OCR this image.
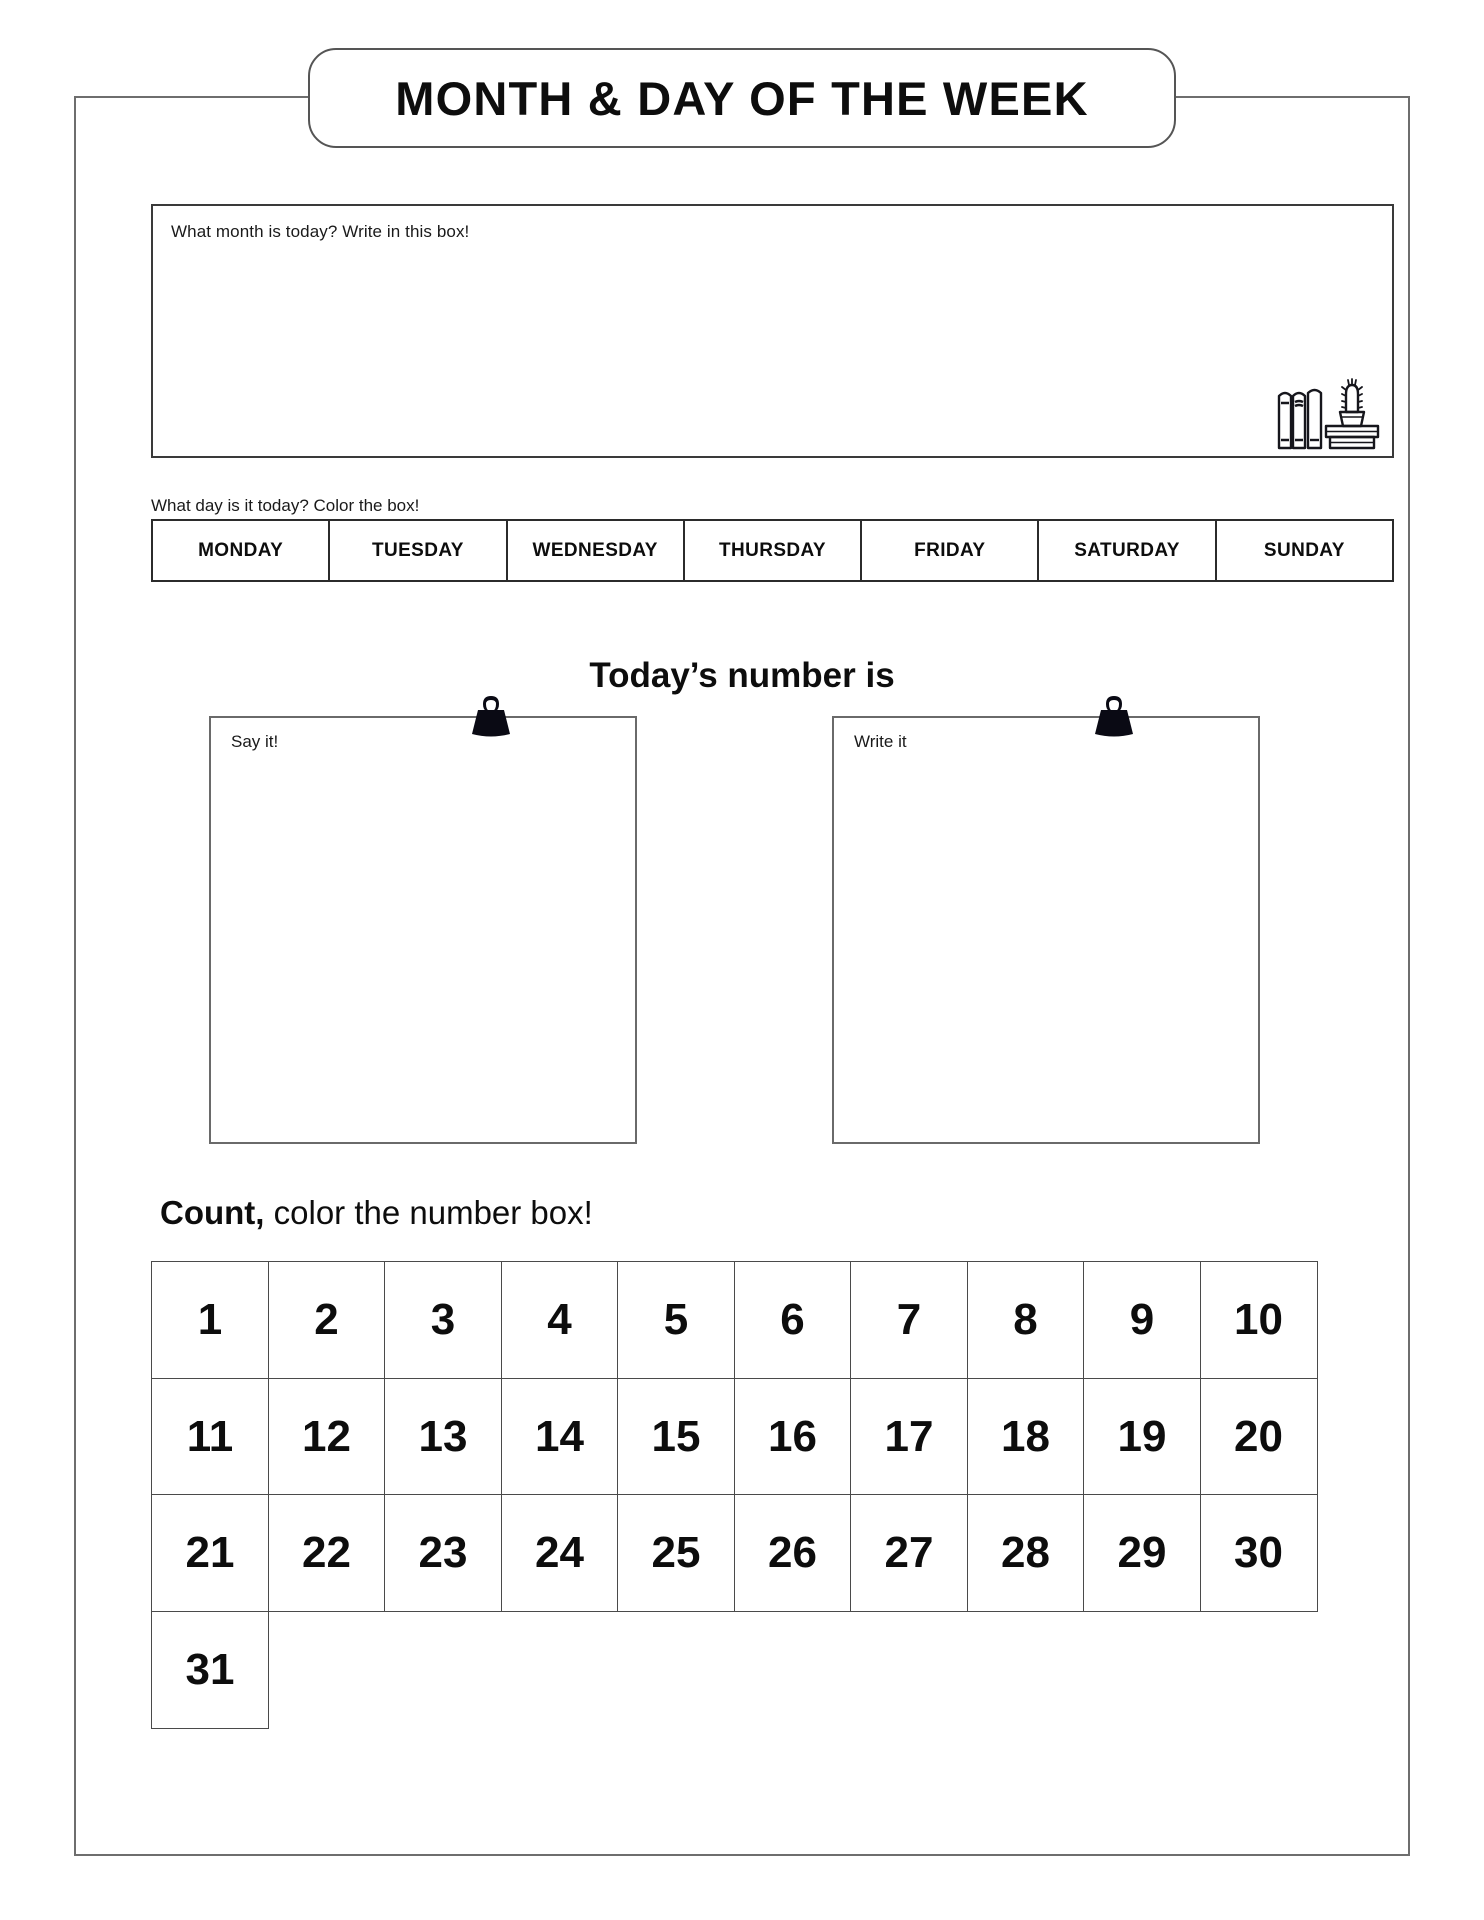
MONTH & DAY OF THE WEEK
What month is today? Write in this box!
What day is it today? Color the box!
MONDAY	TUESDAY	WEDNESDAY	THURSDAY	FRIDAY	SATURDAY	SUNDAY
Today’s number is
Say it!	Write it
Count, color the number box!
1	2	3	4	5	6	7	8	9	10
11	12	13	14	15	16	17	18	19	20
21	22	23	24	25	26	27	28	29	30
31
